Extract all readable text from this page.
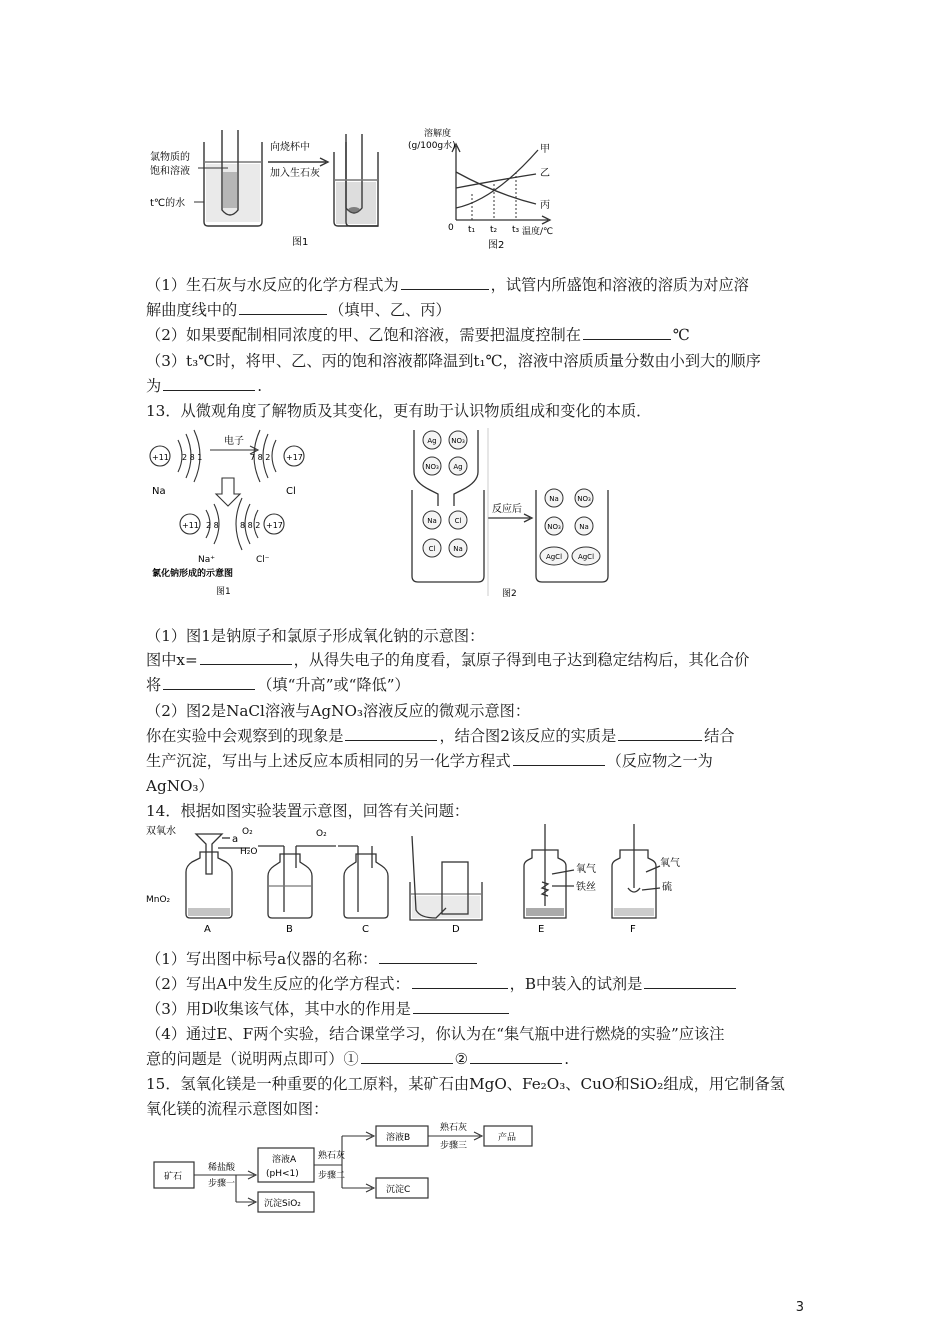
氯物质的
饱和溶液
t℃的水
向烧杯中
加入生石灰
图1
溶解度
(g/100g水)	甲
乙
丙
0 t₁ t₂ t₃ 温度/℃
图2
（1）生石灰与水反应的化学方程式为	，试管内所盛饱和溶液的溶质为对应溶
解曲度线中的	（填甲、乙、丙）
（2）如果要配制相同浓度的甲、乙饱和溶液，需要把温度控制在	℃
（3）t₃℃时，将甲、乙、丙的饱和溶液都降温到t₁℃，溶液中溶质质量分数由小到大的顺序
为	.
13．从微观角度了解物质及其变化，更有助于认识物质组成和变化的本质．
+11 2 8 1	+17
7 8 2
电子
Na	Cl
+11 2 8	+17
8 8 2
Na⁺	Cl⁻
氯化钠形成的示意图
图1
Ag NO₃
NO₃ Ag
Na	Cl
Cl	Na
Na	NO₃
NO₃	Na
AgCl AgCl
反应后
图2
（1）图1是钠原子和氯原子形成氧化钠的示意图：
图中x=	，从得失电子的角度看，氯原子得到电子达到稳定结构后，其化合价
将	（填“升高”或“降低”）
（2）图2是NaCl溶液与AgNO₃溶液反应的微观示意图：
你在实验中会观察到的现象是	，结合图2该反应的实质是	结合
生产沉淀，写出与上述反应本质相同的另一化学方程式	（反应物之一为
AgNO₃）
14．根据如图实验装置示意图，回答有关问题：
双氧水
a
MnO₂
O₂
H₂O
O₂
氧气
铁丝
氧气
硫
A	B	C	D	E	F
（1）写出图中标号a仪器的名称：
（2）写出A中发生反应的化学方程式：	，B中装入的试剂是
（3）用D收集该气体，其中水的作用是
（4）通过E、F两个实验，结合课堂学习，你认为在“集气瓶中进行燃烧的实验”应该注
意的问题是（说明两点即可）①	②	.
15．氢氧化镁是一种重要的化工原料，某矿石由MgO、Fe₂O₃、CuO和SiO₂组成，用它制备氢
氧化镁的流程示意图如图：
矿石
稀盐酸
步骤一
溶液A
(pH<1)
熟石灰
步骤二
溶液B
熟石灰
步骤三
产品
沉淀C
沉淀SiO₂
3
